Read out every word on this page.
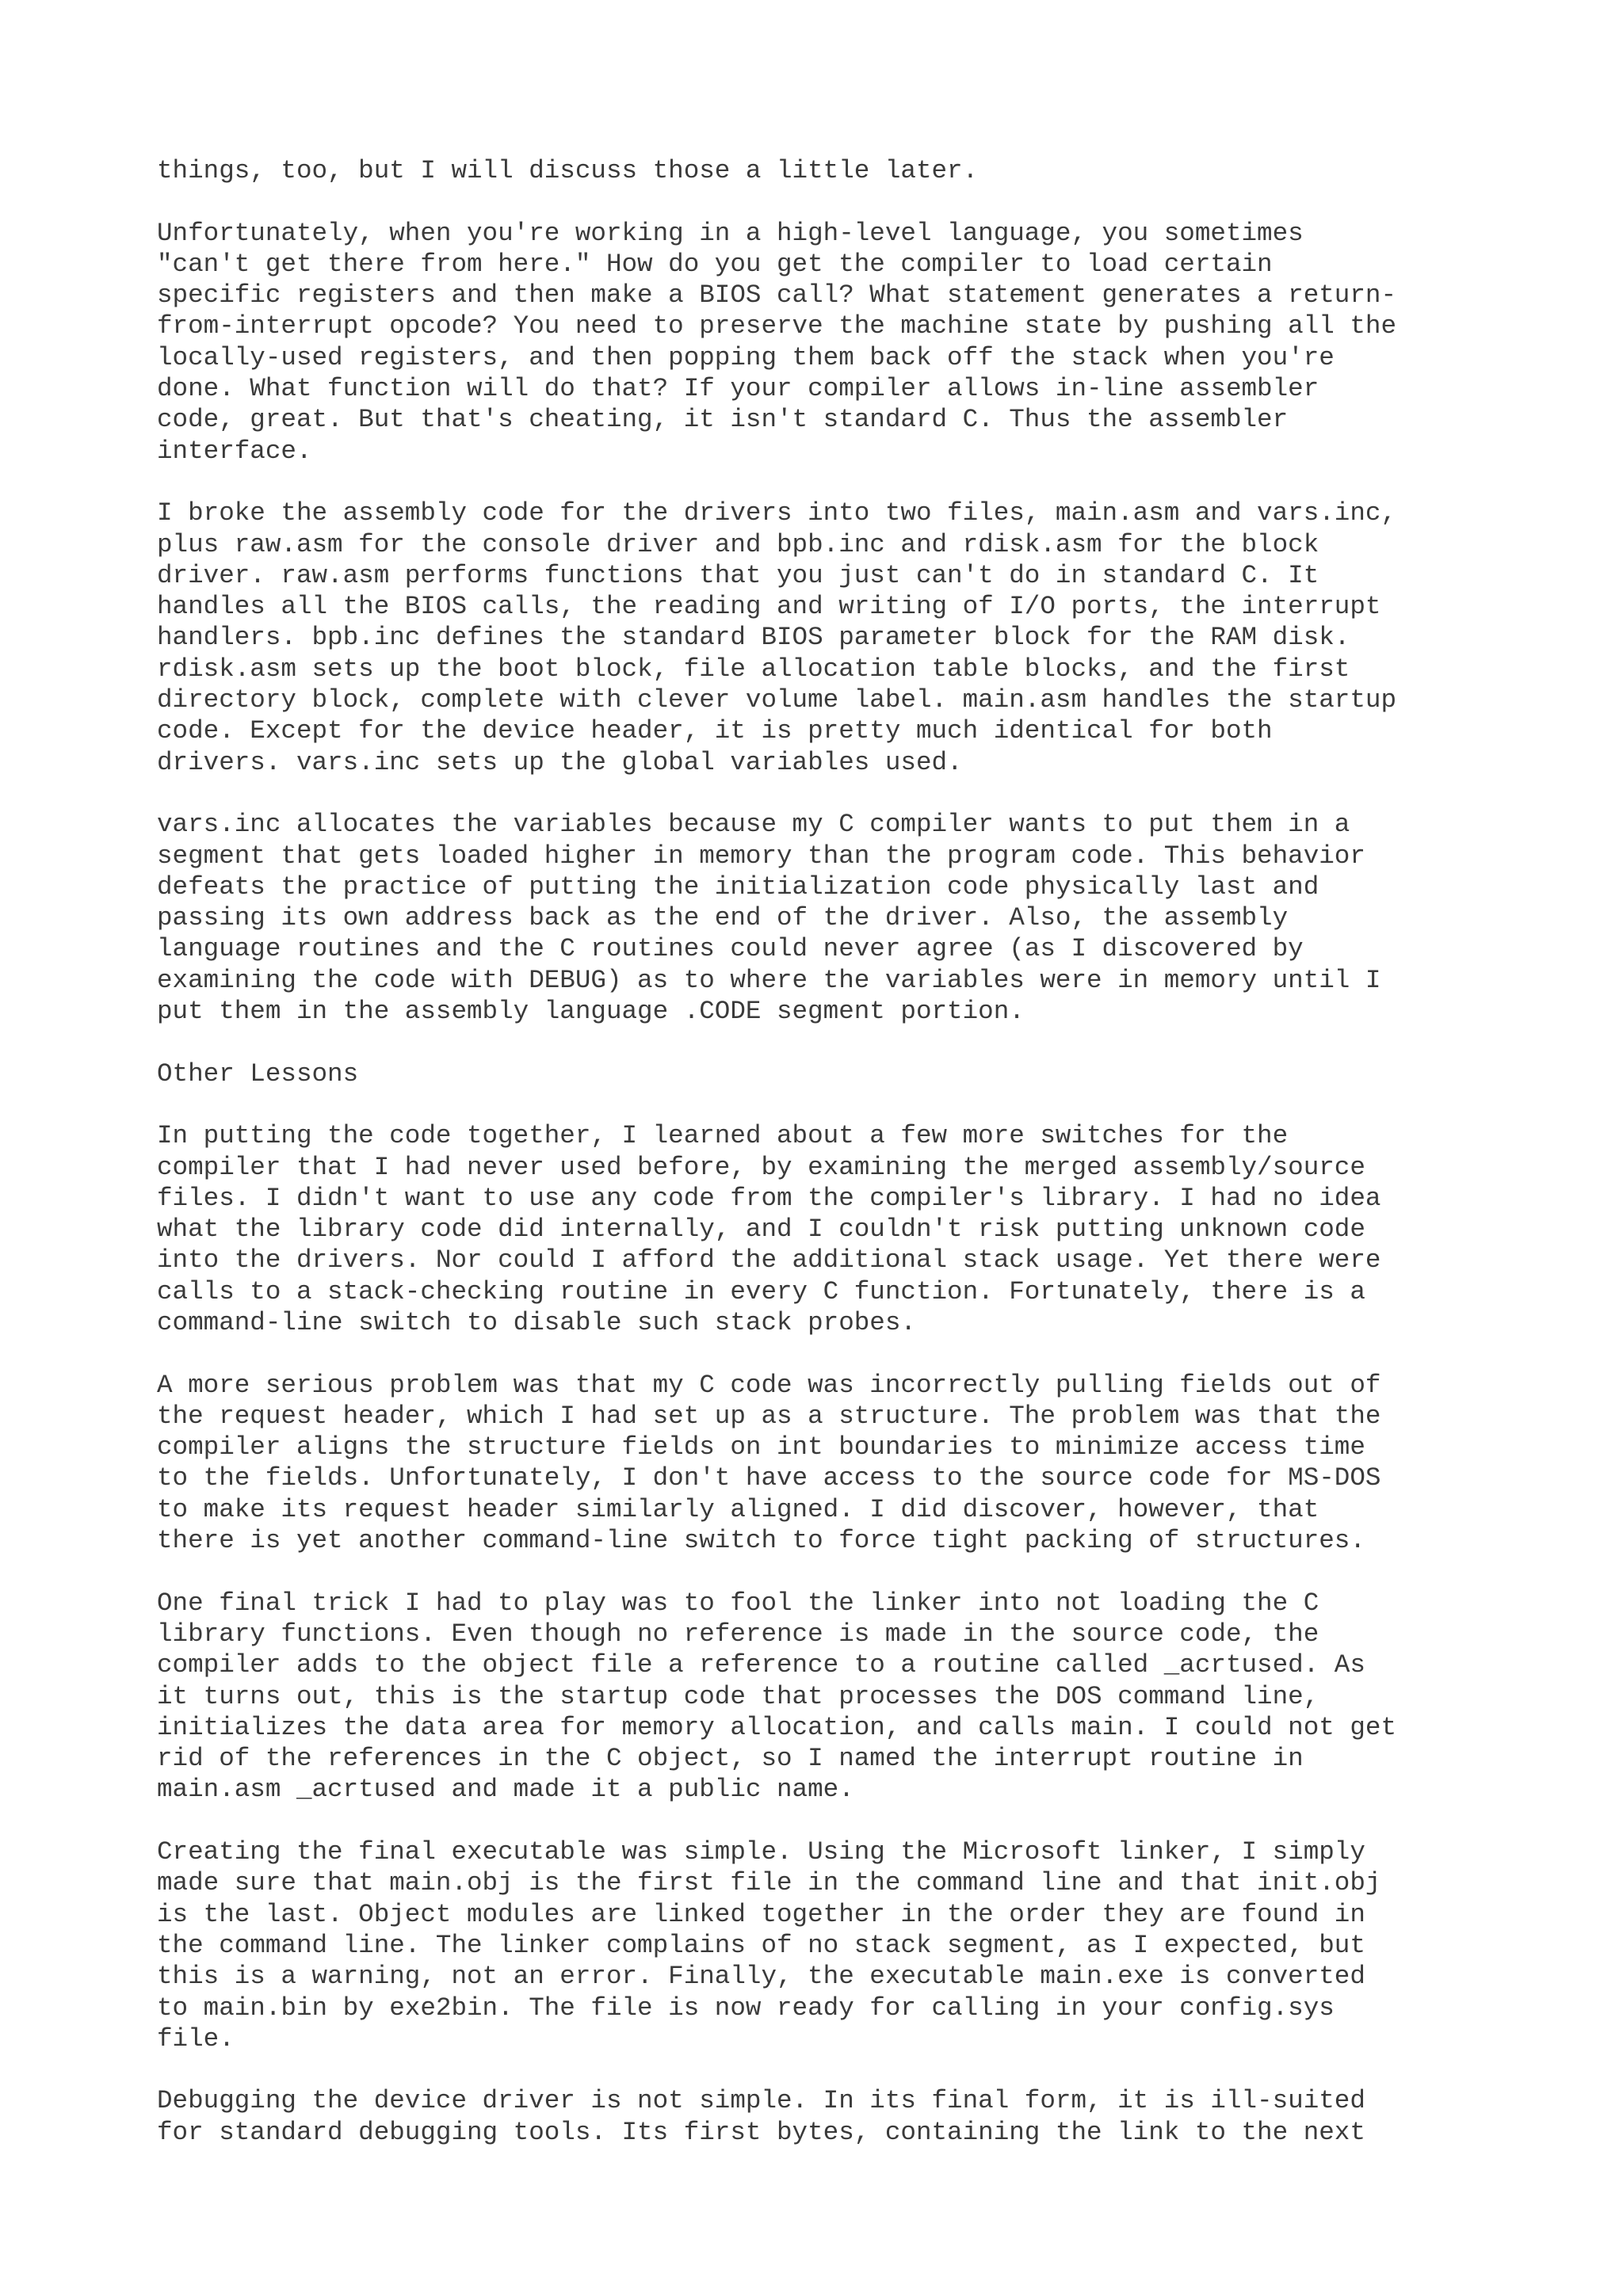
things, too, but I will discuss those a little later.

Unfortunately, when you're working in a high-level language, you sometimes
"can't get there from here." How do you get the compiler to load certain
specific registers and then make a BIOS call? What statement generates a return-
from-interrupt opcode? You need to preserve the machine state by pushing all the
locally-used registers, and then popping them back off the stack when you're
done. What function will do that? If your compiler allows in-line assembler
code, great. But that's cheating, it isn't standard C. Thus the assembler
interface.

I broke the assembly code for the drivers into two files, main.asm and vars.inc,
plus raw.asm for the console driver and bpb.inc and rdisk.asm for the block
driver. raw.asm performs functions that you just can't do in standard C. It
handles all the BIOS calls, the reading and writing of I/O ports, the interrupt
handlers. bpb.inc defines the standard BIOS parameter block for the RAM disk.
rdisk.asm sets up the boot block, file allocation table blocks, and the first
directory block, complete with clever volume label. main.asm handles the startup
code. Except for the device header, it is pretty much identical for both
drivers. vars.inc sets up the global variables used.

vars.inc allocates the variables because my C compiler wants to put them in a
segment that gets loaded higher in memory than the program code. This behavior
defeats the practice of putting the initialization code physically last and
passing its own address back as the end of the driver. Also, the assembly
language routines and the C routines could never agree (as I discovered by
examining the code with DEBUG) as to where the variables were in memory until I
put them in the assembly language .CODE segment portion.

Other Lessons

In putting the code together, I learned about a few more switches for the
compiler that I had never used before, by examining the merged assembly/source
files. I didn't want to use any code from the compiler's library. I had no idea
what the library code did internally, and I couldn't risk putting unknown code
into the drivers. Nor could I afford the additional stack usage. Yet there were
calls to a stack-checking routine in every C function. Fortunately, there is a
command-line switch to disable such stack probes.

A more serious problem was that my C code was incorrectly pulling fields out of
the request header, which I had set up as a structure. The problem was that the
compiler aligns the structure fields on int boundaries to minimize access time
to the fields. Unfortunately, I don't have access to the source code for MS-DOS
to make its request header similarly aligned. I did discover, however, that
there is yet another command-line switch to force tight packing of structures.

One final trick I had to play was to fool the linker into not loading the C
library functions. Even though no reference is made in the source code, the
compiler adds to the object file a reference to a routine called _acrtused. As
it turns out, this is the startup code that processes the DOS command line,
initializes the data area for memory allocation, and calls main. I could not get
rid of the references in the C object, so I named the interrupt routine in
main.asm _acrtused and made it a public name.

Creating the final executable was simple. Using the Microsoft linker, I simply
made sure that main.obj is the first file in the command line and that init.obj
is the last. Object modules are linked together in the order they are found in
the command line. The linker complains of no stack segment, as I expected, but
this is a warning, not an error. Finally, the executable main.exe is converted
to main.bin by exe2bin. The file is now ready for calling in your config.sys
file.

Debugging the device driver is not simple. In its final form, it is ill-suited
for standard debugging tools. Its first bytes, containing the link to the next
